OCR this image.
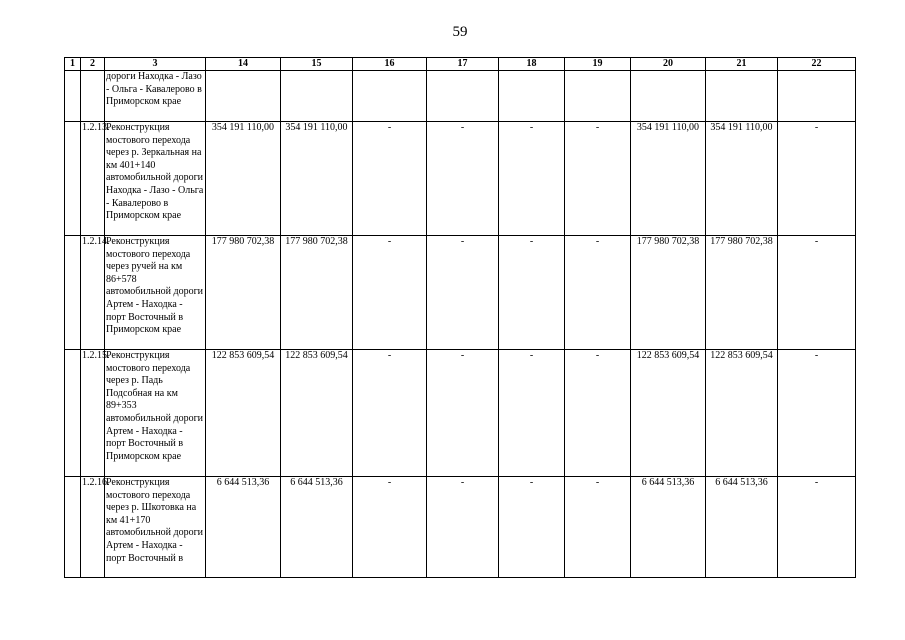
59
1	2	3	14	15	16	17	18	19	20	21	22
		дороги Находка - Лазо - Ольга - Кавалерово в Приморском крае									
	1.2.13.	Реконструкция мостового перехода через р. Зеркальная на км 401+140 автомобильной дороги Находка - Лазо - Ольга - Кавалерово в Приморском крае	354 191 110,00	354 191 110,00	-	-	-	-	354 191 110,00	354 191 110,00	-
	1.2.14.	Реконструкция мостового перехода через ручей на км 86+578 автомобильной дороги Артем - Находка - порт Восточный в Приморском крае	177 980 702,38	177 980 702,38	-	-	-	-	177 980 702,38	177 980 702,38	-
	1.2.15.	Реконструкция мостового перехода через р. Падь Подсобная на км 89+353 автомобильной дороги Артем - Находка - порт Восточный в Приморском крае	122 853 609,54	122 853 609,54	-	-	-	-	122 853 609,54	122 853 609,54	-
	1.2.16.	Реконструкция мостового перехода через р. Шкотовка на км 41+170 автомобильной дороги Артем - Находка - порт Восточный в	6 644 513,36	6 644 513,36	-	-	-	-	6 644 513,36	6 644 513,36	-
